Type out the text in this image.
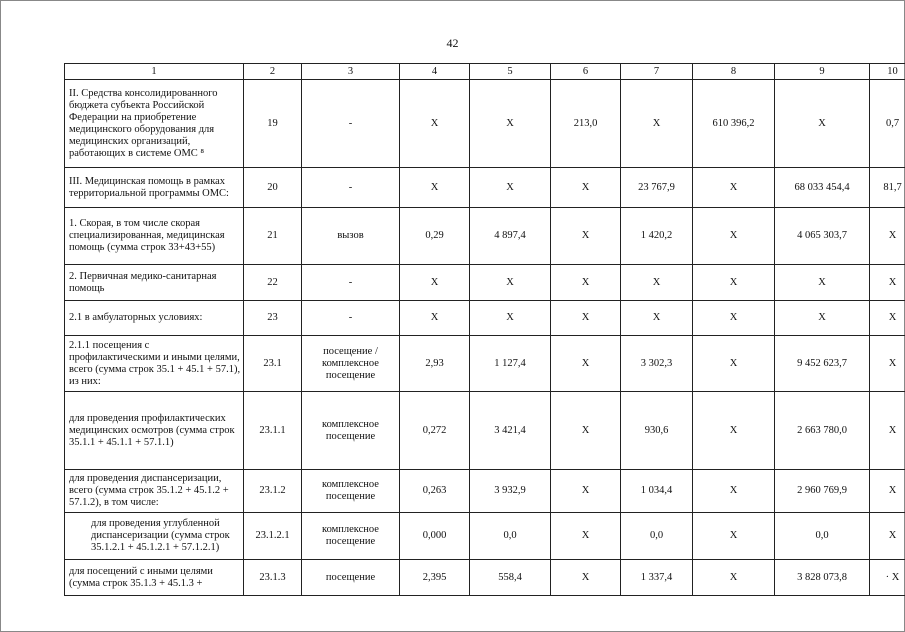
42
1	2	3	4	5	6	7	8	9	10
II. Средства консолидированного бюджета субъекта Российской Федерации на приобретение медицинского оборудования для медицинских организаций, работающих в системе ОМС ⁸	19	-	Х	Х	213,0	Х	610 396,2	Х	0,7
III. Медицинская помощь в рамках территориальной программы ОМС:	20	-	Х	Х	Х	23 767,9	Х	68 033 454,4	81,7
1. Скорая, в том числе скорая специализированная, медицинская помощь (сумма строк 33+43+55)	21	вызов	0,29	4 897,4	Х	1 420,2	Х	4 065 303,7	Х
2. Первичная медико-санитарная помощь	22	-	Х	Х	Х	Х	Х	Х	Х
2.1 в амбулаторных условиях:	23	-	Х	Х	Х	Х	Х	Х	Х
2.1.1 посещения с профилактическими и иными целями, всего (сумма строк 35.1 + 45.1 + 57.1), из них:	23.1	посещение / комплексное посещение	2,93	1 127,4	Х	3 302,3	Х	9 452 623,7	Х
для проведения профилактических медицинских осмотров (сумма строк 35.1.1 + 45.1.1 + 57.1.1)	23.1.1	комплексное посещение	0,272	3 421,4	Х	930,6	Х	2 663 780,0	Х
для проведения диспансеризации, всего (сумма строк 35.1.2 + 45.1.2 + 57.1.2), в том числе:	23.1.2	комплексное посещение	0,263	3 932,9	Х	1 034,4	Х	2 960 769,9	Х
для проведения углубленной диспансеризации (сумма строк 35.1.2.1 + 45.1.2.1 + 57.1.2.1)	23.1.2.1	комплексное посещение	0,000	0,0	Х	0,0	Х	0,0	Х
для посещений с иными целями (сумма строк 35.1.3 + 45.1.3 +	23.1.3	посещение	2,395	558,4	Х	1 337,4	Х	3 828 073,8	· Х
